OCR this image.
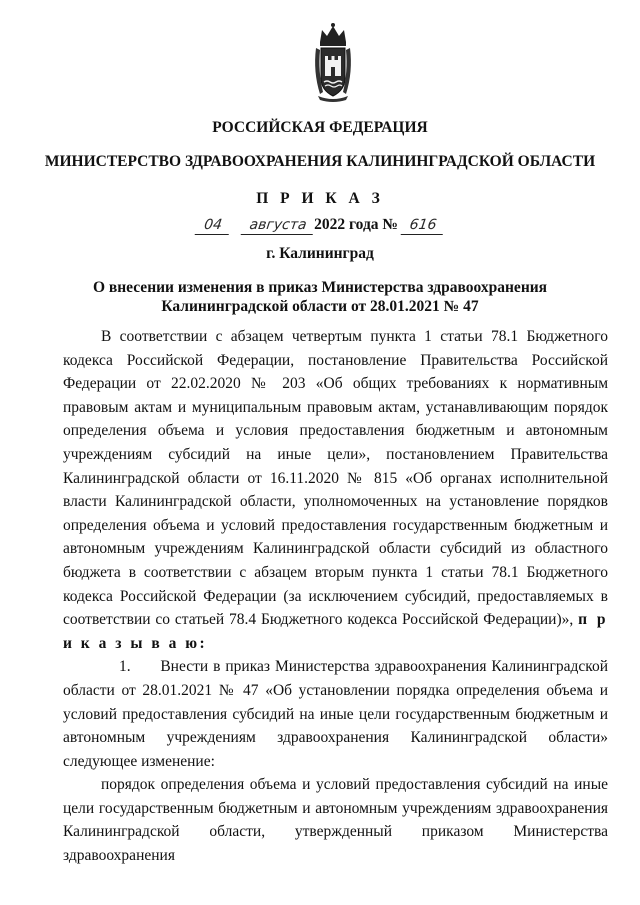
РОССИЙСКАЯ ФЕДЕРАЦИЯ
МИНИСТЕРСТВО ЗДРАВООХРАНЕНИЯ КАЛИНИНГРАДСКОЙ ОБЛАСТИ
П Р И К А З
04 августа 2022 года № 616
г. Калининград
О внесении изменения в приказ Министерства здравоохранения
Калининградской области от 28.01.2021 № 47

В соответствии с абзацем четвертым пункта 1 статьи 78.1 Бюджетного кодекса Российской Федерации, постановление Правительства Российской Федерации от 22.02.2020 № 203 «Об общих требованиях к нормативным правовым актам и муниципальным правовым актам, устанавливающим порядок определения объема и условия предоставления бюджетным и автономным учреждениям субсидий на иные цели», постановлением Правительства Калининградской области от 16.11.2020 № 815 «Об органах исполнительной власти Калининградской области, уполномоченных на установление порядков определения объема и условий предоставления государственным бюджетным и автономным учреждениям Калининградской области субсидий из областного бюджета в соответствии с абзацем вторым пункта 1 статьи 78.1 Бюджетного кодекса Российской Федерации (за исключением субсидий, предоставляемых в соответствии со статьей 78.4 Бюджетного кодекса Российской Федерации)», п р и к а з ы в а ю:

1. Внести в приказ Министерства здравоохранения Калининградской области от 28.01.2021 № 47 «Об установлении порядка определения объема и условий предоставления субсидий на иные цели государственным бюджетным и автономным учреждениям здравоохранения Калининградской области» следующее изменение:

порядок определения объема и условий предоставления субсидий на иные цели государственным бюджетным и автономным учреждениям здравоохранения Калининградской области, утвержденный приказом Министерства здравоохранения
